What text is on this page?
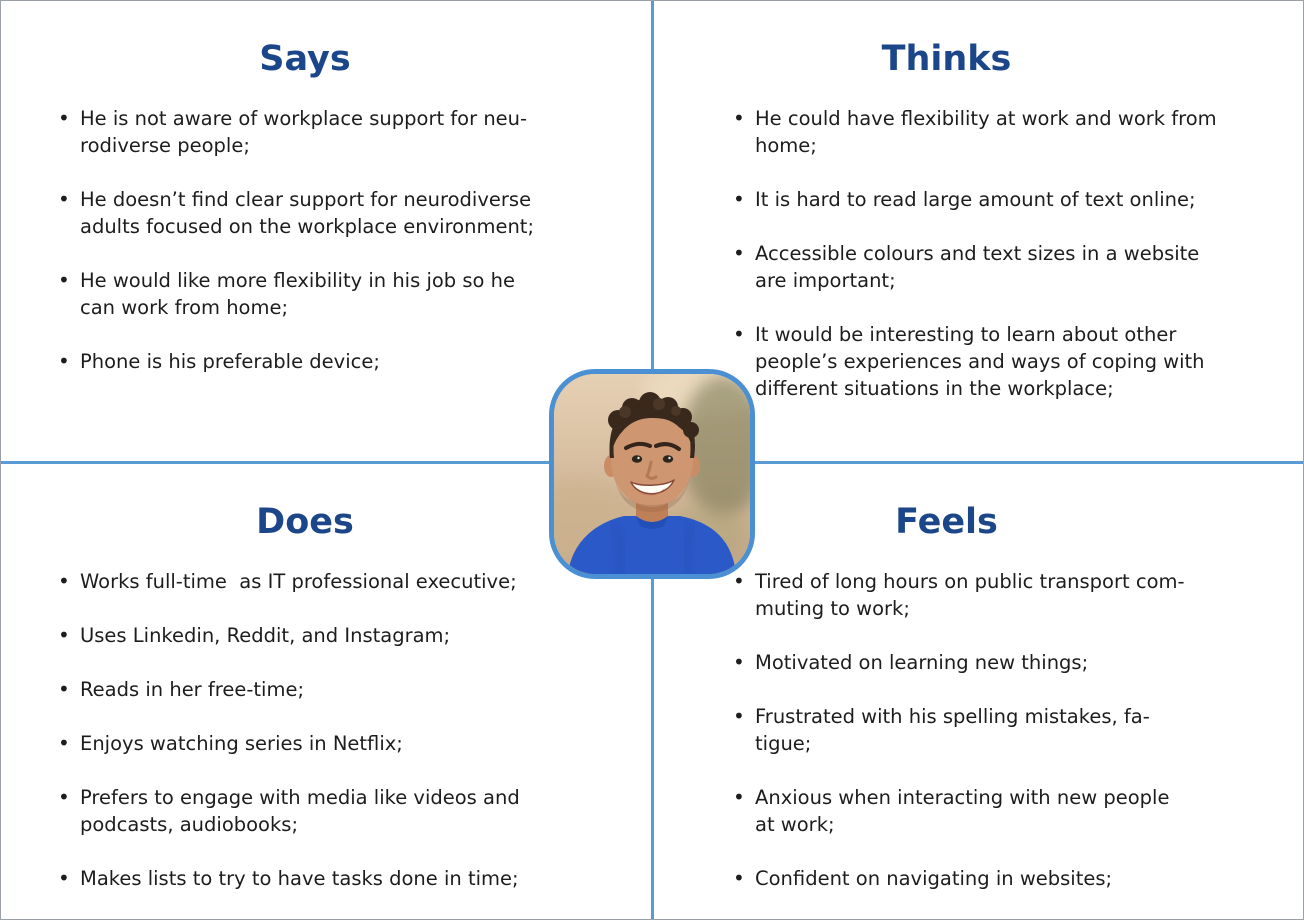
Says
• He is not aware of workplace support for neu-
rodiverse people;
• He doesn’t find clear support for neurodiverse
adults focused on the workplace environment;
• He would like more flexibility in his job so he
can work from home;
• Phone is his preferable device;
Thinks
• He could have flexibility at work and work from
home;
• It is hard to read large amount of text online;
• Accessible colours and text sizes in a website
are important;
• It would be interesting to learn about other
people’s experiences and ways of coping with
different situations in the workplace;
Does
• Works full-time  as IT professional executive;
• Uses Linkedin, Reddit, and Instagram;
• Reads in her free-time;
• Enjoys watching series in Netflix;
• Prefers to engage with media like videos and
podcasts, audiobooks;
• Makes lists to try to have tasks done in time;
Feels
• Tired of long hours on public transport com-
muting to work;
• Motivated on learning new things;
• Frustrated with his spelling mistakes, fa-
tigue;
• Anxious when interacting with new people
at work;
• Confident on navigating in websites;
